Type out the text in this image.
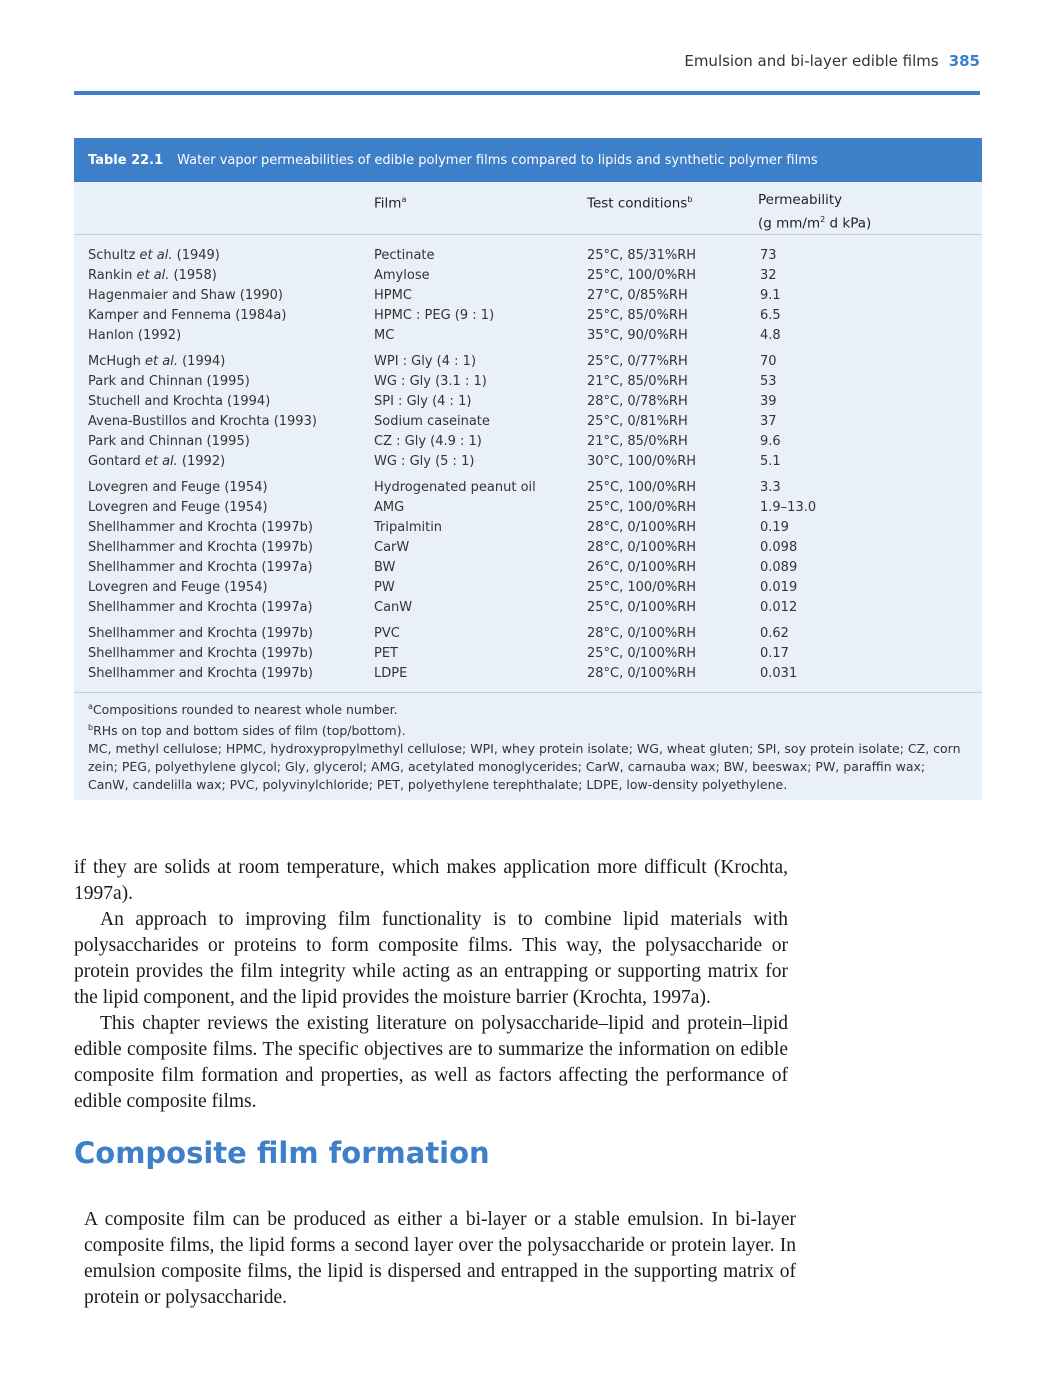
Emulsion and bi-layer edible films 385
Table 22.1 Water vapor permeabilities of edible polymer films compared to lipids and synthetic polymer films
Film$^a$	Test conditions$^b$	Permeability
(g $mm/m^2$ d kPa)
Schultz et al. (1949)	Pectinate	25°C, 85/31%RH	73
Rankin et al. (1958)	Amylose	25°C, 100/0%RH	32
Hagenmaier and Shaw (1990)	HPMC	27°C, 0/85%RH	9.1
Kamper and Fennema (1984a)	HPMC : PEG (9 : 1)	25°C, 85/0%RH	6.5
Hanlon (1992)	MC	35°C, 90/0%RH	4.8
McHugh et al. (1994)	WPI : Gly (4 : 1)	25°C, 0/77%RH	70
Park and Chinnan (1995)	WG : Gly (3.1 : 1)	21°C, 85/0%RH	53
Stuchell and Krochta (1994)	SPI : Gly (4 : 1)	28°C, 0/78%RH	39
Avena-Bustillos and Krochta (1993)	Sodium caseinate	25°C, 0/81%RH	37
Park and Chinnan (1995)	CZ : Gly (4.9 : 1)	21°C, 85/0%RH	9.6
Gontard et al. (1992)	WG : Gly (5 : 1)	30°C, 100/0%RH	5.1
Lovegren and Feuge (1954)	Hydrogenated peanut oil	25°C, 100/0%RH	3.3
Lovegren and Feuge (1954)	AMG	25°C, 100/0%RH	1.9–13.0
Shellhammer and Krochta (1997b)	Tripalmitin	28°C, 0/100%RH	0.19
Shellhammer and Krochta (1997b)	CarW	28°C, 0/100%RH	0.098
Shellhammer and Krochta (1997a)	BW	26°C, 0/100%RH	0.089
Lovegren and Feuge (1954)	PW	25°C, 100/0%RH	0.019
Shellhammer and Krochta (1997a)	CanW	25°C, 0/100%RH	0.012
Shellhammer and Krochta (1997b)	PVC	28°C, 0/100%RH	0.62
Shellhammer and Krochta (1997b)	PET	25°C, 0/100%RH	0.17
Shellhammer and Krochta (1997b)	LDPE	28°C, 0/100%RH	0.031
$^a$Compositions rounded to nearest whole number.
$^b$RHs on top and bottom sides of film (top/bottom).
MC, methyl cellulose; HPMC, hydroxypropylmethyl cellulose; WPI, whey protein isolate; WG, wheat gluten; SPI, soy protein isolate; CZ, corn zein; PEG, polyethylene glycol; Gly, glycerol; AMG, acetylated monoglycerides; CarW, carnauba wax; BW, beeswax; PW, paraffin wax; CanW, candelilla wax; PVC, polyvinylchloride; PET, polyethylene terephthalate; LDPE, low-density polyethylene.

if they are solids at room temperature, which makes application more difficult (Krochta, 1997a).

An approach to improving film functionality is to combine lipid materials with polysaccharides or proteins to form composite films. This way, the polysaccharide or protein provides the film integrity while acting as an entrapping or supporting matrix for the lipid component, and the lipid provides the moisture barrier (Krochta, 1997a).

This chapter reviews the existing literature on polysaccharide–lipid and protein–lipid edible composite films. The specific objectives are to summarize the information on edible composite film formation and properties, as well as factors affecting the performance of edible composite films.

Composite film formation

A composite film can be produced as either a bi-layer or a stable emulsion. In bi-layer composite films, the lipid forms a second layer over the polysaccharide or protein layer. In emulsion composite films, the lipid is dispersed and entrapped in the supporting matrix of protein or polysaccharide.
